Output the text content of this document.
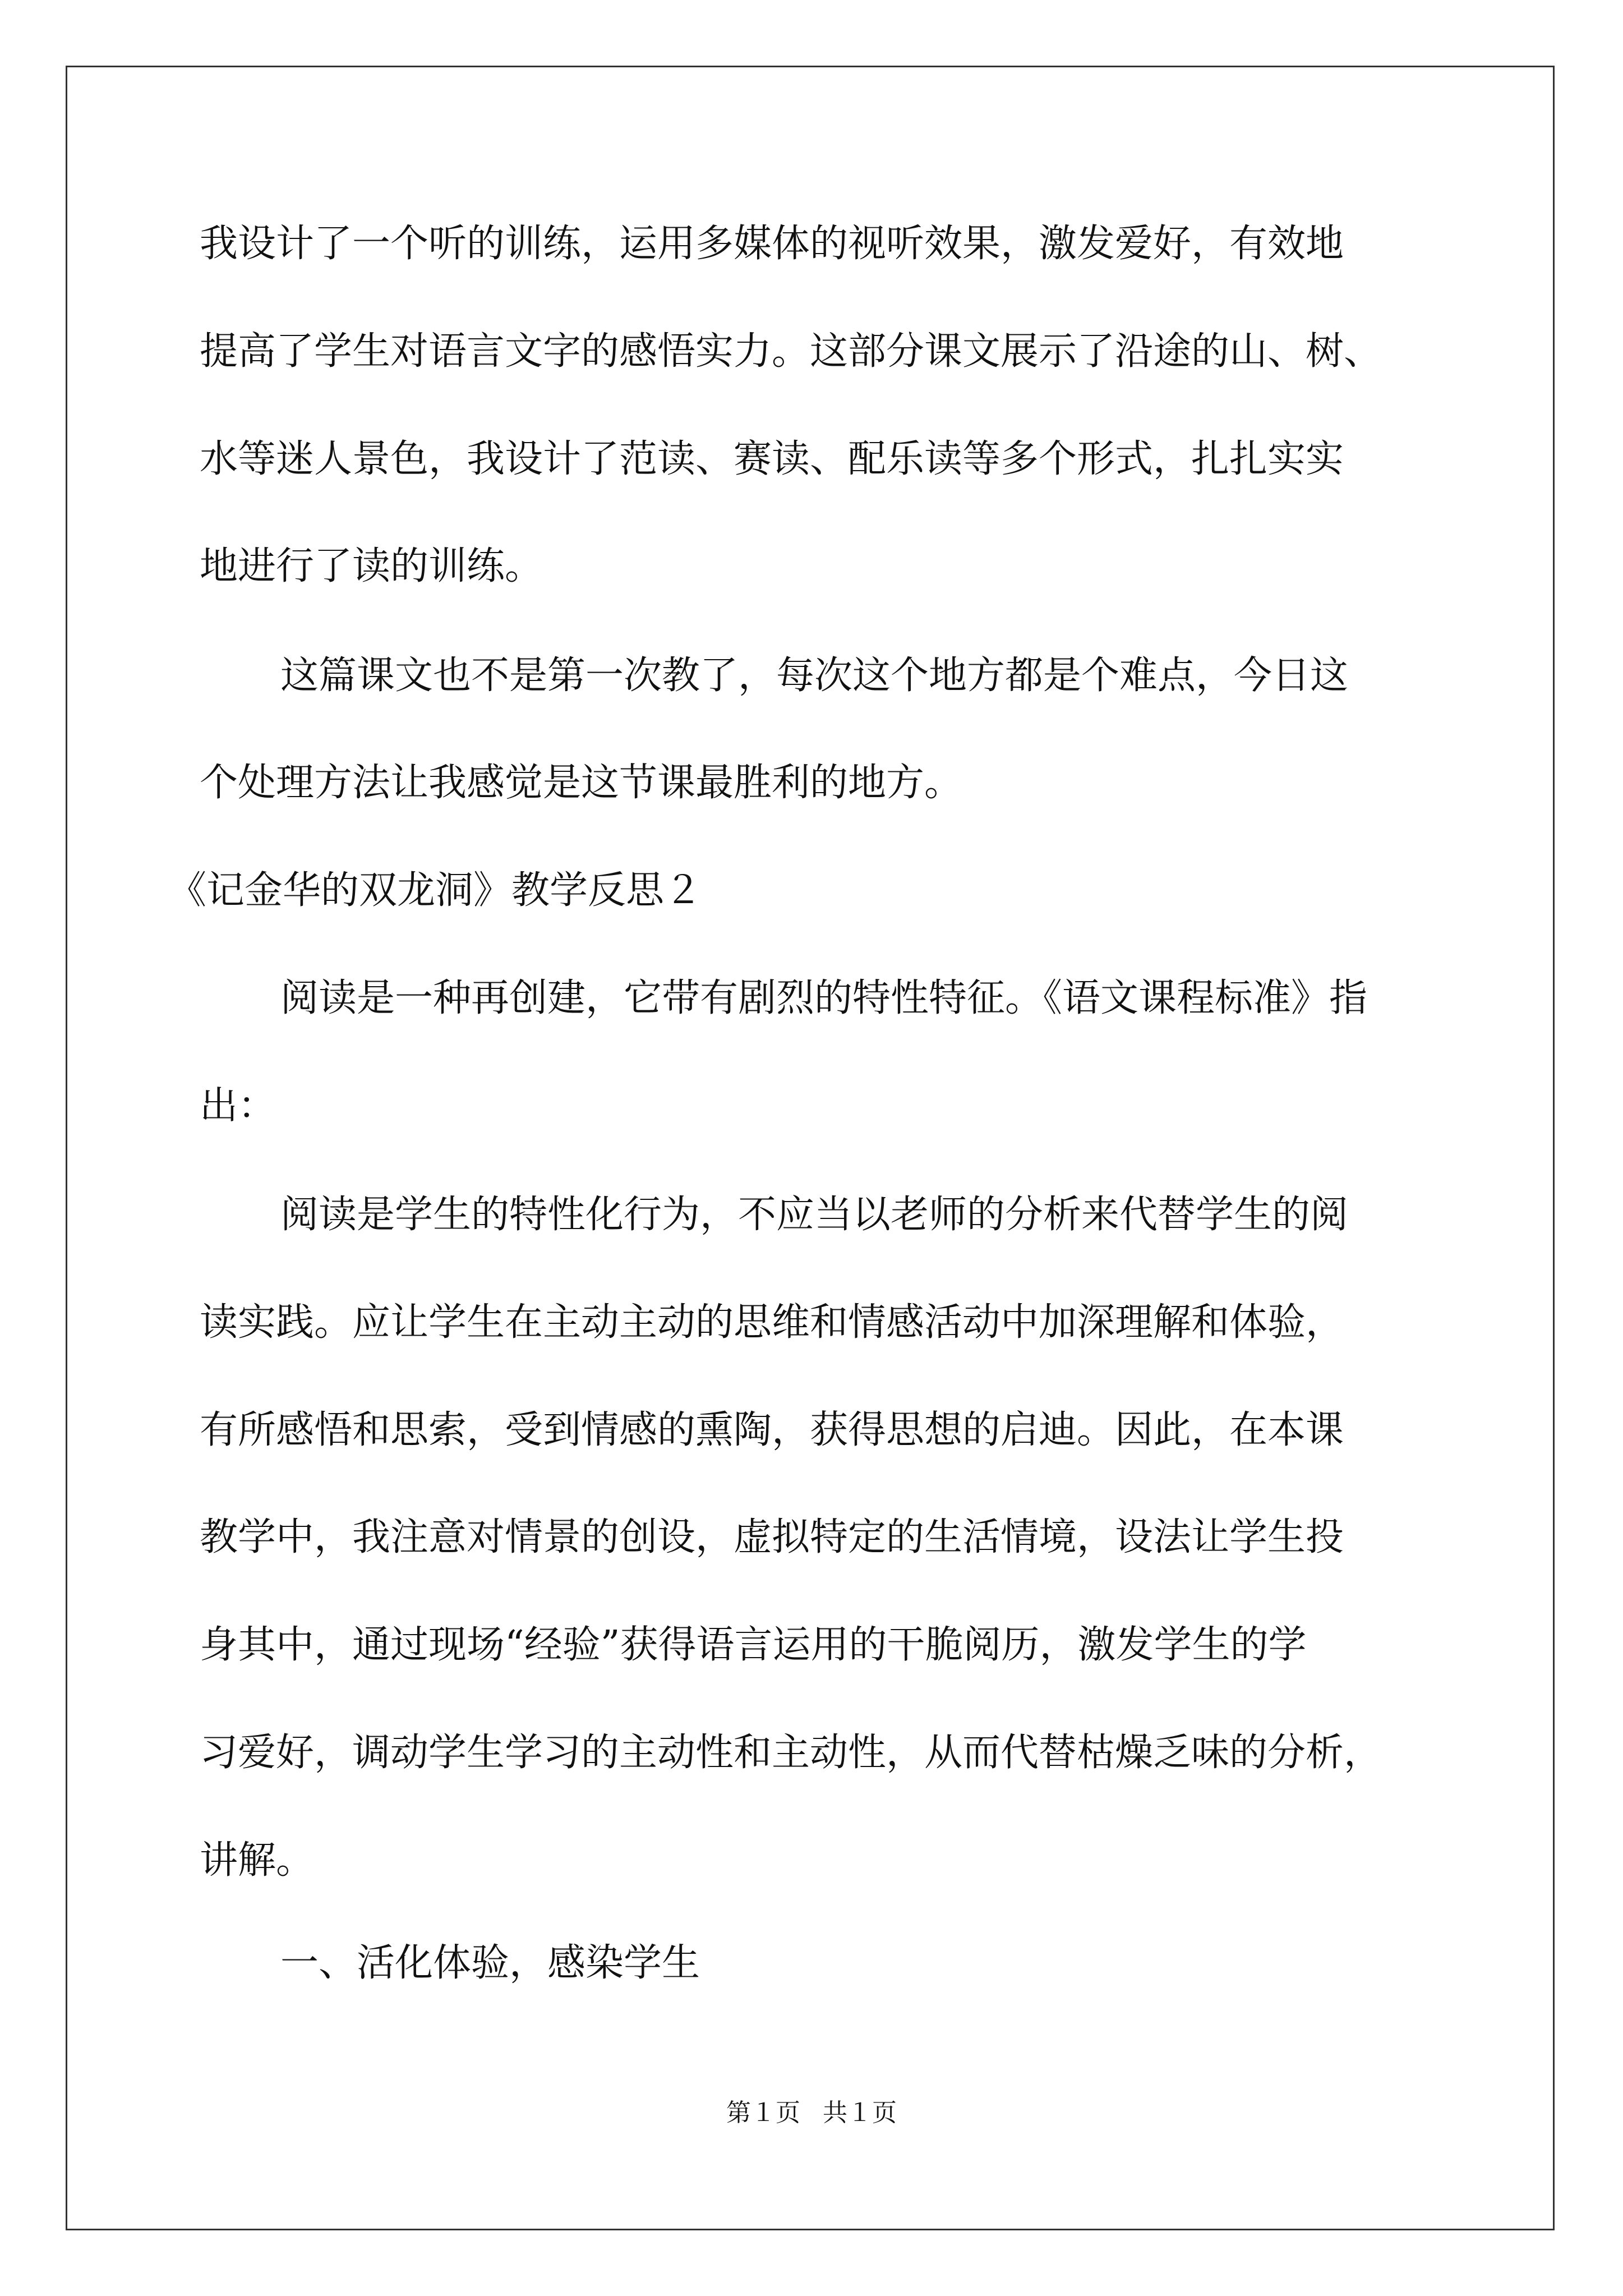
我设计了一个听的训练，运用多媒体的视听效果，激发爱好，有效地
提高了学生对语言文字的感悟实力。这部分课文展示了沿途的山、树、
水等迷人景色，我设计了范读、赛读、配乐读等多个形式，扎扎实实
地进行了读的训练。
这篇课文也不是第一次教了，每次这个地方都是个难点，今日这
个处理方法让我感觉是这节课最胜利的地方。
《记金华的双龙洞》教学反思２
阅读是一种再创建，它带有剧烈的特性特征。《语文课程标准》指
出：
阅读是学生的特性化行为，不应当以老师的分析来代替学生的阅
读实践。应让学生在主动主动的思维和情感活动中加深理解和体验，
有所感悟和思索，受到情感的熏陶，获得思想的启迪。因此，在本课
教学中，我注意对情景的创设，虚拟特定的生活情境，设法让学生投
身其中，通过现场“经验”获得语言运用的干脆阅历，激发学生的学
习爱好，调动学生学习的主动性和主动性，从而代替枯燥乏味的分析，
讲解。
一、活化体验，感染学生
第１页 共１页
